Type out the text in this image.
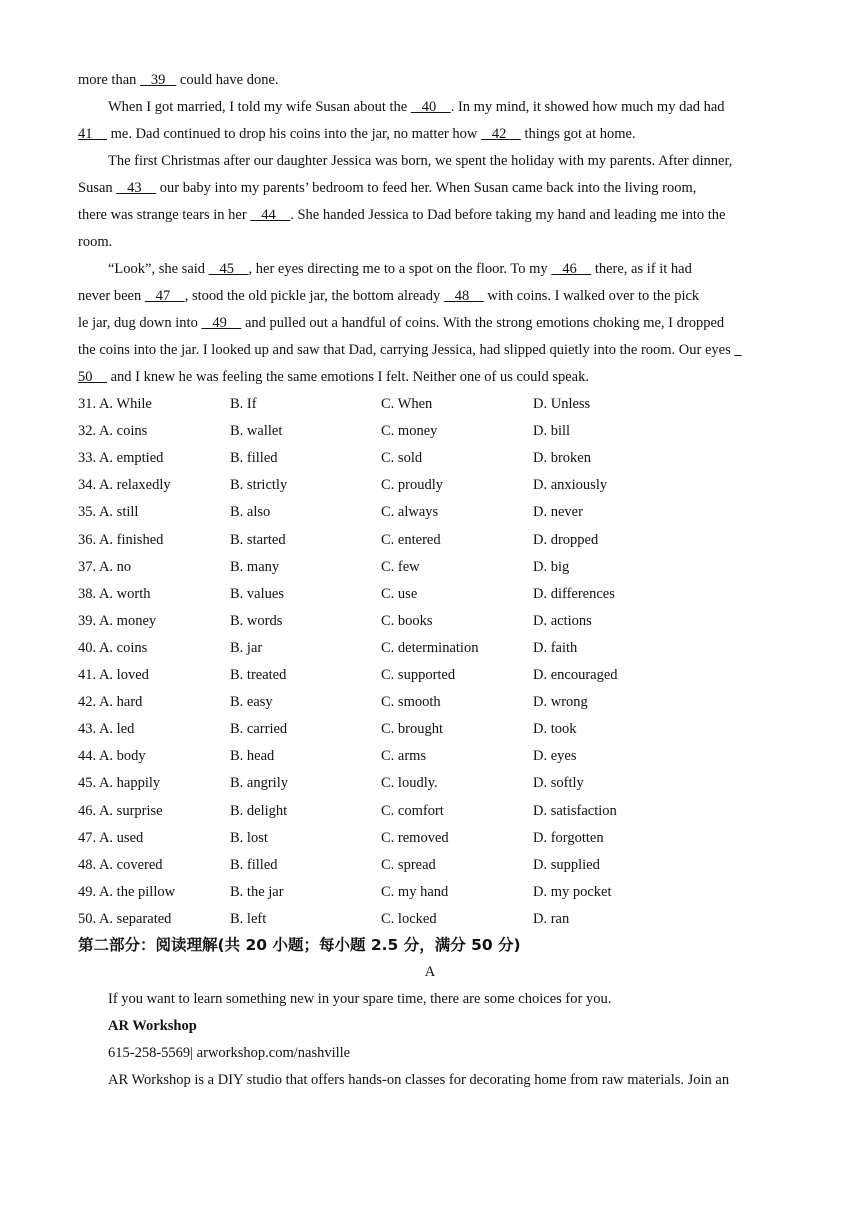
more than    39    could have done.
When I got married, I told my wife Susan about the    40    . In my mind, it showed how much my dad had
41     me. Dad continued to drop his coins into the jar, no matter how    42     things got at home.
The first Christmas after our daughter Jessica was born, we spent the holiday with my parents. After dinner,
Susan    43     our baby into my parents’ bedroom to feed her. When Susan came back into the living room,
there was strange tears in her    44    . She handed Jessica to Dad before taking my hand and leading me into the
room.
“Look”, she said    45    , her eyes directing me to a spot on the floor. To my    46     there, as if it had
never been    47    , stood the old pickle jar, the bottom already    48     with coins. I walked over to the pick
le jar, dug down into    49     and pulled out a handful of coins. With the strong emotions choking me, I dropped
the coins into the jar. I looked up and saw that Dad, carrying Jessica, had slipped quietly into the room. Our eyes
50     and I knew he was feeling the same emotions I felt. Neither one of us could speak.
31. A. While	B. If	C. When	D. Unless
32. A. coins	B. wallet	C. money	D. bill
33. A. emptied	B. filled	C. sold	D. broken
34. A. relaxedly	B. strictly	C. proudly	D. anxiously
35. A. still	B. also	C. always	D. never
36. A. finished	B. started	C. entered	D. dropped
37. A. no	B. many	C. few	D. big
38. A. worth	B. values	C. use	D. differences
39. A. money	B. words	C. books	D. actions
40. A. coins	B. jar	C. determination	D. faith
41. A. loved	B. treated	C. supported	D. encouraged
42. A. hard	B. easy	C. smooth	D. wrong
43. A. led	B. carried	C. brought	D. took
44. A. body	B. head	C. arms	D. eyes
45. A. happily	B. angrily	C. loudly.	D. softly
46. A. surprise	B. delight	C. comfort	D. satisfaction
47. A. used	B. lost	C. removed	D. forgotten
48. A. covered	B. filled	C. spread	D. supplied
49. A. the pillow	B. the jar	C. my hand	D. my pocket
50. A. separated	B. left	C. locked	D. ran
第二部分：阅读理解(共 20 小题；每小题 2.5 分，满分 50 分)
A
If you want to learn something new in your spare time, there are some choices for you.
AR Workshop
615-258-5569| arworkshop.com/nashville
AR Workshop is a DIY studio that offers hands-on classes for decorating home from raw materials. Join an
